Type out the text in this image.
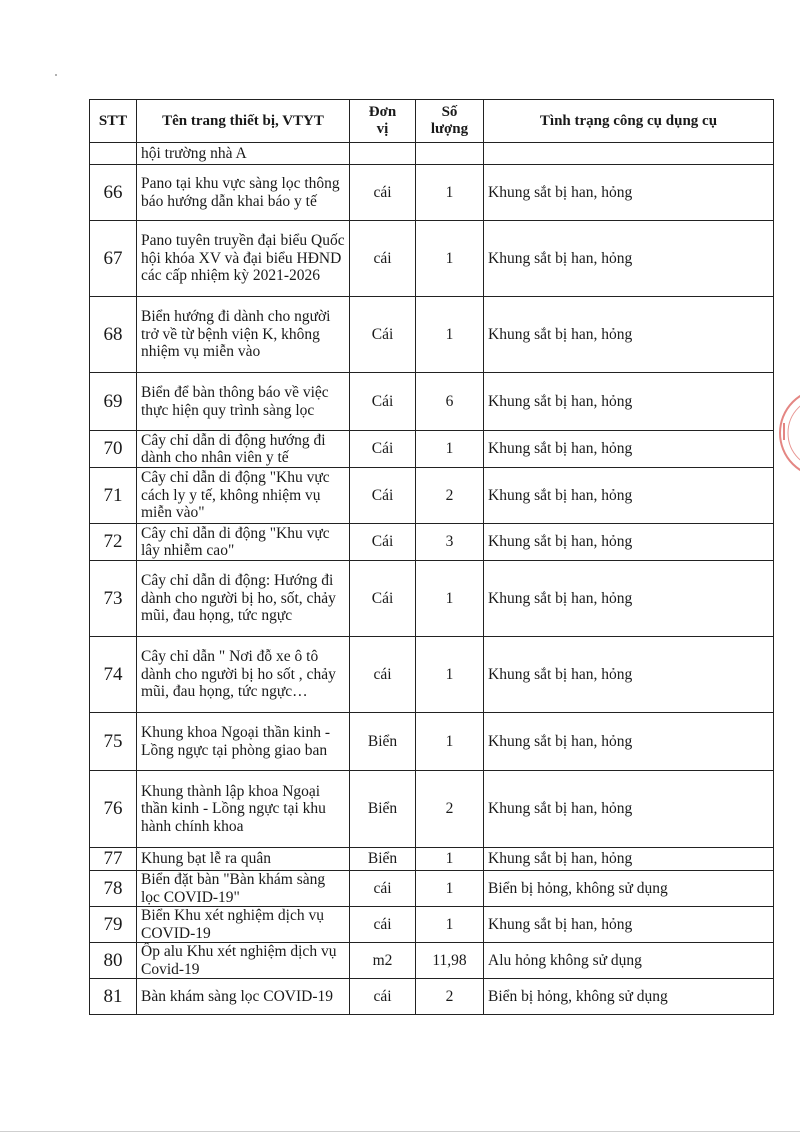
STT	Tên trang thiết bị, VTYT	Đơn vị	Số lượng	Tình trạng công cụ dụng cụ
	hội trường nhà A			
66	Pano tại khu vực sàng lọc thông báo hướng dẫn khai báo y tế	cái	1	Khung sắt bị han, hỏng
67	Pano tuyên truyền đại biểu Quốc hội khóa XV và đại biểu HĐND các cấp nhiệm kỳ 2021-2026	cái	1	Khung sắt bị han, hỏng
68	Biển hướng đi dành cho người trở về từ bệnh viện K, không nhiệm vụ miễn vào	Cái	1	Khung sắt bị han, hỏng
69	Biển để bàn thông báo về việc thực hiện quy trình sàng lọc	Cái	6	Khung sắt bị han, hỏng
70	Cây chỉ dẫn di động hướng đi dành cho nhân viên y tế	Cái	1	Khung sắt bị han, hỏng
71	Cây chỉ dẫn di động "Khu vực cách ly y tế, không nhiệm vụ miễn vào"	Cái	2	Khung sắt bị han, hỏng
72	Cây chỉ dẫn di động "Khu vực lây nhiễm cao"	Cái	3	Khung sắt bị han, hỏng
73	Cây chỉ dẫn di động: Hướng đi dành cho người bị ho, sốt, chảy mũi, đau họng, tức ngực	Cái	1	Khung sắt bị han, hỏng
74	Cây chỉ dẫn " Nơi đỗ xe ô tô dành cho người bị ho sốt , chảy mũi, đau họng, tức ngực…	cái	1	Khung sắt bị han, hỏng
75	Khung khoa Ngoại thần kinh - Lồng ngực tại phòng giao ban	Biển	1	Khung sắt bị han, hỏng
76	Khung thành lập khoa Ngoại thần kinh - Lồng ngực tại khu hành chính khoa	Biển	2	Khung sắt bị han, hỏng
77	Khung bạt lễ ra quân	Biển	1	Khung sắt bị han, hỏng
78	Biển đặt bàn "Bàn khám sàng lọc COVID-19"	cái	1	Biển bị hỏng, không sử dụng
79	Biển Khu xét nghiệm dịch vụ COVID-19	cái	1	Khung sắt bị han, hỏng
80	Ốp alu Khu xét nghiệm dịch vụ Covid-19	m2	11,98	Alu hỏng không sử dụng
81	Bàn khám sàng lọc COVID-19	cái	2	Biển bị hỏng, không sử dụng
